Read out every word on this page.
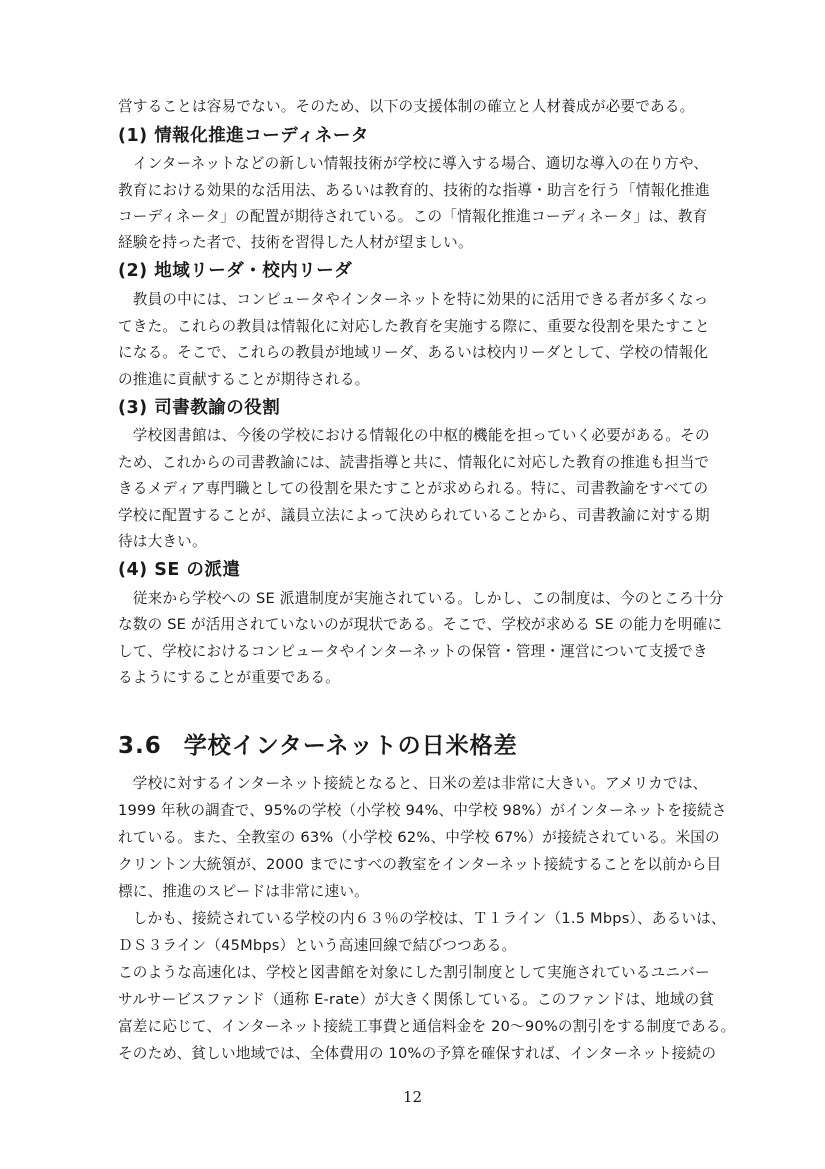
営することは容易でない。そのため、以下の支援体制の確立と人材養成が必要である。
(1) 情報化推進コーディネータ
　インターネットなどの新しい情報技術が学校に導入する場合、適切な導入の在り方や、
教育における効果的な活用法、あるいは教育的、技術的な指導・助言を行う「情報化推進
コーディネータ」の配置が期待されている。この「情報化推進コーディネータ」は、教育
経験を持った者で、技術を習得した人材が望ましい。
(2) 地域リーダ・校内リーダ
　教員の中には、コンピュータやインターネットを特に効果的に活用できる者が多くなっ
てきた。これらの教員は情報化に対応した教育を実施する際に、重要な役割を果たすこと
になる。そこで、これらの教員が地域リーダ、あるいは校内リーダとして、学校の情報化
の推進に貢献することが期待される。
(3) 司書教諭の役割
　学校図書館は、今後の学校における情報化の中枢的機能を担っていく必要がある。その
ため、これからの司書教諭には、読書指導と共に、情報化に対応した教育の推進も担当で
きるメディア専門職としての役割を果たすことが求められる。特に、司書教諭をすべての
学校に配置することが、議員立法によって決められていることから、司書教諭に対する期
待は大きい。
(4) SE の派遣
　従来から学校への SE 派遣制度が実施されている。しかし、この制度は、今のところ十分
な数の SE が活用されていないのが現状である。そこで、学校が求める SE の能力を明確に
して、学校におけるコンピュータやインターネットの保管・管理・運営について支援でき
るようにすることが重要である。
3.6 学校インターネットの日米格差
　学校に対するインターネット接続となると、日米の差は非常に大きい。アメリカでは、
1999 年秋の調査で、95%の学校（小学校 94%、中学校 98%）がインターネットを接続さ
れている。また、全教室の 63%（小学校 62%、中学校 67%）が接続されている。米国の
クリントン大統領が、2000 までにすべの教室をインターネット接続することを以前から目
標に、推進のスピードは非常に速い。
　しかも、接続されている学校の内６３％の学校は、Ｔ１ライン（1.5 Mbps）、あるいは、
ＤＳ３ライン（45Mbps）という高速回線で結びつつある。
このような高速化は、学校と図書館を対象にした割引制度として実施されているユニバー
サルサービスファンド（通称 E-rate）が大きく関係している。このファンドは、地域の貧
富差に応じて、インターネット接続工事費と通信料金を 20～90%の割引をする制度である。
そのため、貧しい地域では、全体費用の 10%の予算を確保すれば、インターネット接続の
12
